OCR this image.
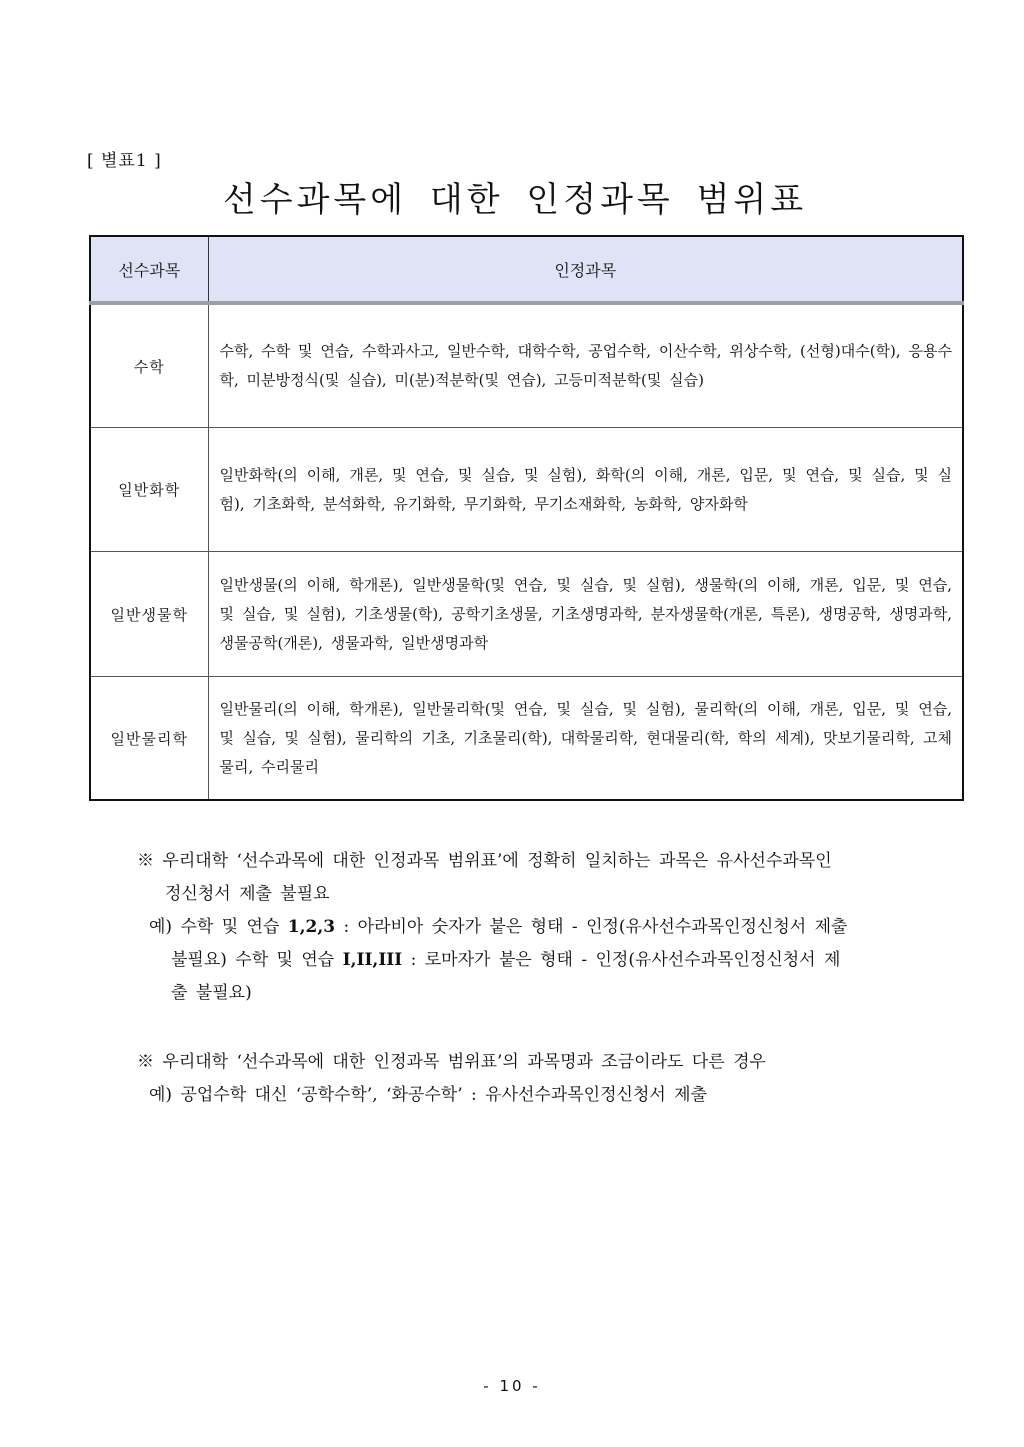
[ 별표1 ]
선수과목에 대한 인정과목 범위표
선수과목	인정과목
수학	수학, 수학 및 연습, 수학과사고, 일반수학, 대학수학, 공업수학, 이산수학, 위상수학, (선형)대수(학), 응용수학, 미분방정식(및 실습), 미(분)적분학(및 연습), 고등미적분학(및 실습)
일반화학	일반화학(의 이해, 개론, 및 연습, 및 실습, 및 실험), 화학(의 이해, 개론, 입문, 및 연습, 및 실습, 및 실험), 기초화학, 분석화학, 유기화학, 무기화학, 무기소재화학, 농화학, 양자화학
일반생물학	일반생물(의 이해, 학개론), 일반생물학(및 연습, 및 실습, 및 실험), 생물학(의 이해, 개론, 입문, 및 연습, 및 실습, 및 실험), 기초생물(학), 공학기초생물, 기초생명과학, 분자생물학(개론, 특론), 생명공학, 생명과학, 생물공학(개론), 생물과학, 일반생명과학
일반물리학	일반물리(의 이해, 학개론), 일반물리학(및 연습, 및 실습, 및 실험), 물리학(의 이해, 개론, 입문, 및 연습, 및 실습, 및 실험), 물리학의 기초, 기초물리(학), 대학물리학, 현대물리(학, 학의 세계), 맛보기물리학, 고체물리, 수리물리
※ 우리대학 ‘선수과목에 대한 인정과목 범위표’에 정확히 일치하는 과목은 유사선수과목인
정신청서 제출 불필요
예) 수학 및 연습 1,2,3 : 아라비아 숫자가 붙은 형태 - 인정(유사선수과목인정신청서 제출
불필요) 수학 및 연습 I,II,III : 로마자가 붙은 형태 - 인정(유사선수과목인정신청서 제
출 불필요)
※ 우리대학 ‘선수과목에 대한 인정과목 범위표’의 과목명과 조금이라도 다른 경우
예) 공업수학 대신 ‘공학수학’, ‘화공수학’ : 유사선수과목인정신청서 제출
- 10 -
